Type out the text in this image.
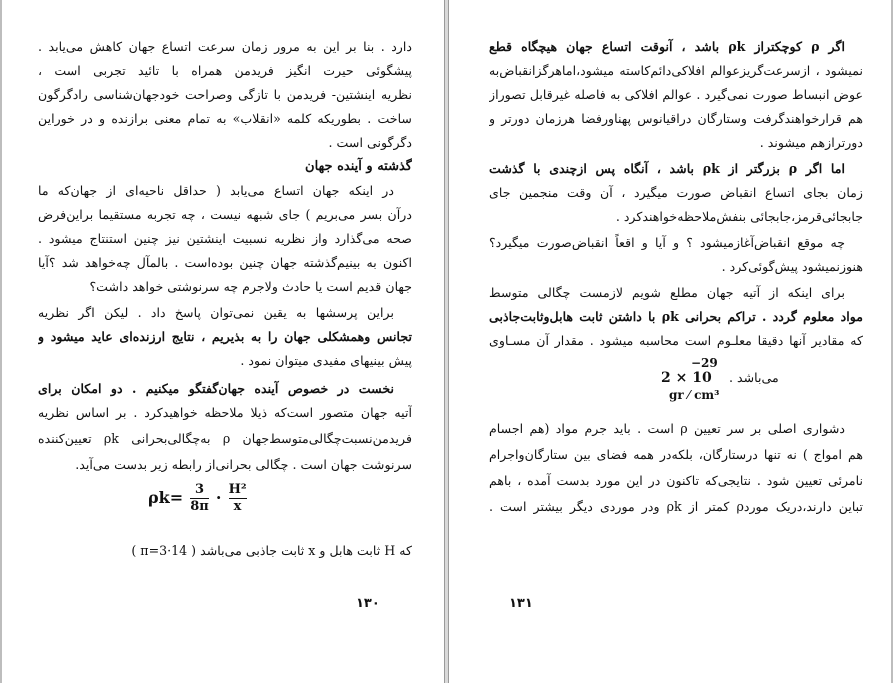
دارد . بنا بر این به مرور زمان سرعت اتساع جهان کاهش می‌یابد .
پیشگوئی حیرت انگیز فریدمن همراه با تائید تجربی است ،
نظریه اینشتین- فریدمن با تازگی وصراحت خودجهان‌شناسی رادگرگون
ساخت . بطوریکه کلمه «انقلاب» به تمام معنی برازنده و در خوراین
دگرگونی است .
گذشته و آینده جهان
در اینکه جهان اتساع می‌یابد ( حداقل ناحیه‌ای از جهان‌که ما
درآن بسر می‌بریم ) جای شبهه نیست ، چه تجربه مستقیما براین‌فرض
صحه می‌گذارد واز نظریه نسبیت اینشتین نیز چنین استنتاج میشود .
اکنون به بینیم‌گذشته جهان چنین بوده‌است . بالمآل چه‌خواهد شد ؟آیا
جهان قدیم است یا حادث ولاجرم چه سرنوشتی خواهد داشت؟
براین پرسشها به یقین نمی‌توان پاسخ داد . لیکن اگر نظریه
تجانس وهمشکلی جهان را به بذیریم ، نتایج ارزنده‌ای عاید میشود و
پیش بینیهای مفیدی میتوان نمود .
نخست در خصوص آینده جهان‌گفتگو میکنیم . دو امکان برای
آتیه جهان متصور است‌که ذیلا ملاحظه خواهیدکرد . بر اساس نظریه
فریدمن‌نسبت‌چگالی‌متوسط‌جهان ρ به‌چگالی‌بحرانی ρk تعیین‌کننده
سرنوشت جهان است . چگالی بحرانی‌از رابطه زیر بدست می‌آید.
که H ثابت هابل و x ثابت جاذبی می‌باشد ( π=3·14 )
$\rho k= \frac{3}{8\pi} \cdot \frac{\text{H²}}{x}$
۱۳۰
اگر ρ کوچکتراز ρk باشد ، آنوقت اتساع جهان هیچگاه قطع
نمیشود ، ازسرعت‌گریزعوالم افلاکی‌دائم‌کاسته میشود،اماهرگزانقباض‌به
عوض انبساط صورت نمی‌گیرد . عوالم افلاکی به فاصله غیرقابل تصوراز
هم قرارخواهندگرفت وستارگان دراقیانوس پهناورفضا هرزمان دورتر و
دورترازهم میشوند .
اما اگر ρ بزرگتر از ρk باشد ، آنگاه پس ازچندی با گذشت
زمان بجای اتساع انقباض صورت میگیرد ، آن وقت منجمین جای
جابجائی‌قرمز،جابجائی بنفش‌ملاحظه‌خواهندکرد .
چه موقع انقباض‌آغازمیشود ؟ و آیا و اقعاً انقباض‌صورت میگیرد؟
هنوزنمیشود پیش‌گوئی‌کرد .
برای اینکه از آتیه جهان مطلع شویم لازمست چگالی متوسط
مواد معلوم گردد . تراکم بحرانی ρk با داشتن ثابت هابل‌وثابت‌جاذبی
که مقادیر آنها دقیقا معلـوم است محاسبه میشود . مقدار آن مسـاوی
دشواری اصلی بر سر تعیین ρ است . باید جرم مواد (هم اجسام
هم امواج ) نه تنها درستارگان، بلکه‌در همه فضای بین ستارگان‌واجرام
نامرئی تعیین شود . نتایجی‌که تاکنون در این مورد بدست آمده ، باهم
تباین دارند،دریک موردρ کمتر از ρk ودر موردی دیگر بیشتر است .
می‌باشد .
2 × 10
−29
gr ⁄ cm³
۱۳۱
